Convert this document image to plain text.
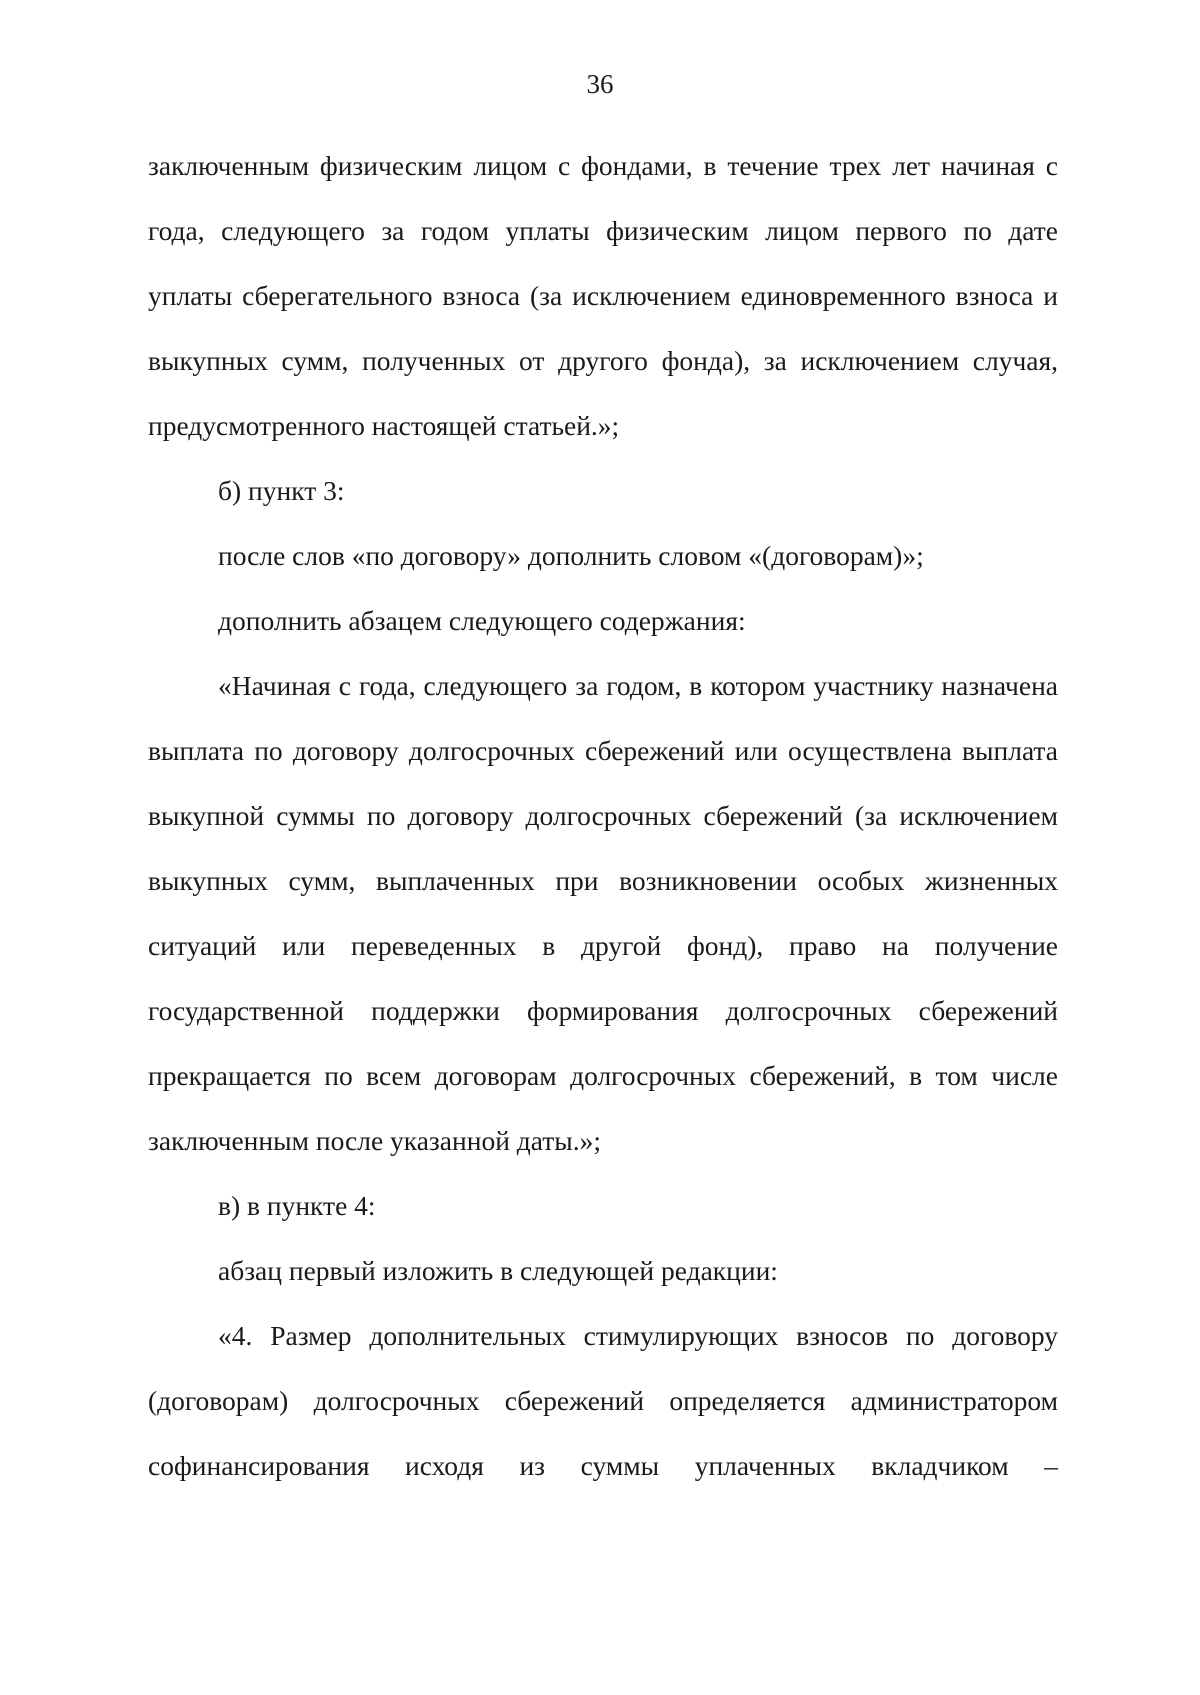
36

заключенным физическим лицом с фондами, в течение трех лет начиная с года, следующего за годом уплаты физическим лицом первого по дате уплаты сберегательного взноса (за исключением единовременного взноса и выкупных сумм, полученных от другого фонда), за исключением случая, предусмотренного настоящей статьей.»;

б) пункт 3:

после слов «по договору» дополнить словом «(договорам)»;

дополнить абзацем следующего содержания:

«Начиная с года, следующего за годом, в котором участнику назначена выплата по договору долгосрочных сбережений или осуществлена выплата выкупной суммы по договору долгосрочных сбережений (за исключением выкупных сумм, выплаченных при возникновении особых жизненных ситуаций или переведенных в другой фонд), право на получение государственной поддержки формирования долгосрочных сбережений прекращается по всем договорам долгосрочных сбережений, в том числе заключенным после указанной даты.»;

в) в пункте 4:

абзац первый изложить в следующей редакции:

«4. Размер дополнительных стимулирующих взносов по договору (договорам) долгосрочных сбережений определяется администратором софинансирования исходя из суммы уплаченных вкладчиком –
